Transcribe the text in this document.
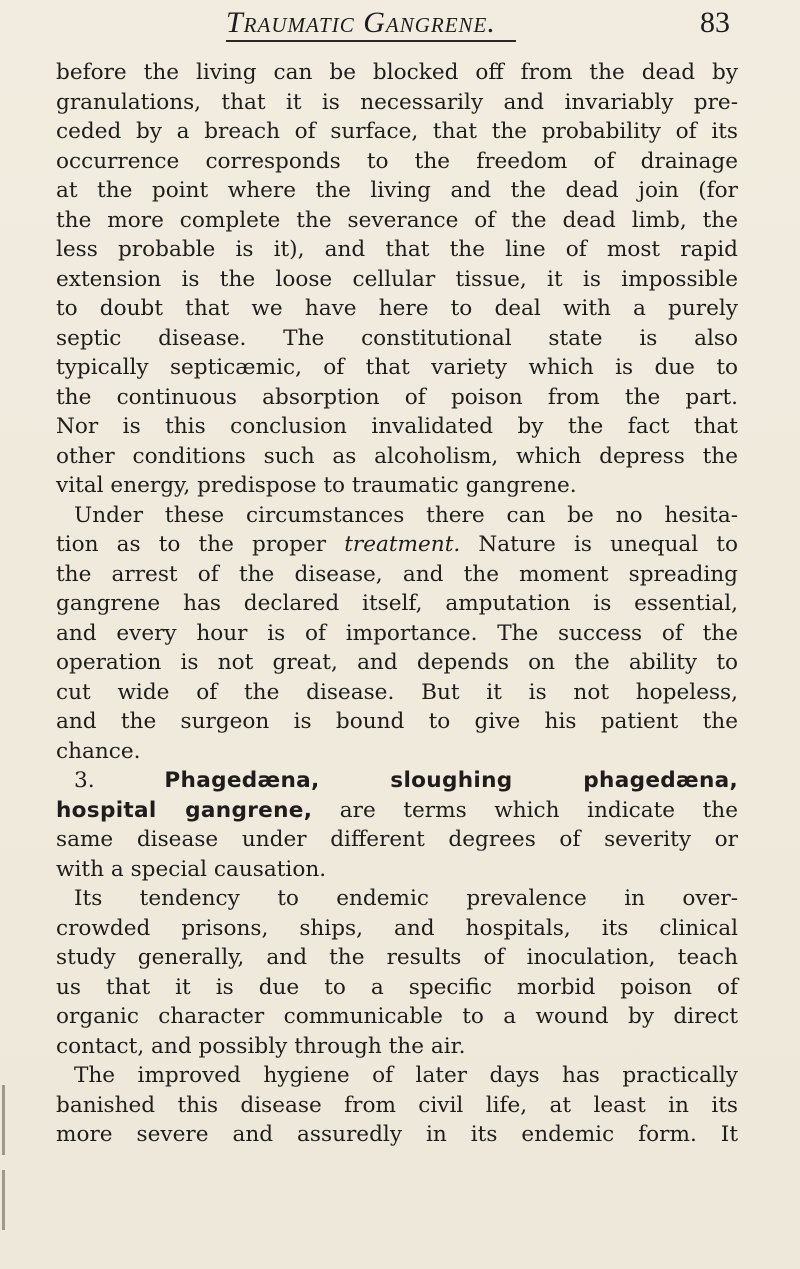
Traumatic Gangrene.	83
before the living can be blocked off from the dead by
granulations, that it is necessarily and invariably pre-
ceded by a breach of surface, that the probability of its
occurrence corresponds to the freedom of drainage
at the point where the living and the dead join (for
the more complete the severance of the dead limb, the
less probable is it), and that the line of most rapid
extension is the loose cellular tissue, it is impossible
to doubt that we have here to deal with a purely
septic disease. The constitutional state is also
typically septicæmic, of that variety which is due to
the continuous absorption of poison from the part.
Nor is this conclusion invalidated by the fact that
other conditions such as alcoholism, which depress the
vital energy, predispose to traumatic gangrene.
Under these circumstances there can be no hesita-
tion as to the proper treatment. Nature is unequal to
the arrest of the disease, and the moment spreading
gangrene has declared itself, amputation is essential,
and every hour is of importance. The success of the
operation is not great, and depends on the ability to
cut wide of the disease. But it is not hopeless,
and the surgeon is bound to give his patient the
chance.
3. Phagedæna, sloughing phagedæna,
hospital gangrene, are terms which indicate the
same disease under different degrees of severity or
with a special causation.
Its tendency to endemic prevalence in over-
crowded prisons, ships, and hospitals, its clinical
study generally, and the results of inoculation, teach
us that it is due to a specific morbid poison of
organic character communicable to a wound by direct
contact, and possibly through the air.
The improved hygiene of later days has practically
banished this disease from civil life, at least in its
more severe and assuredly in its endemic form. It
